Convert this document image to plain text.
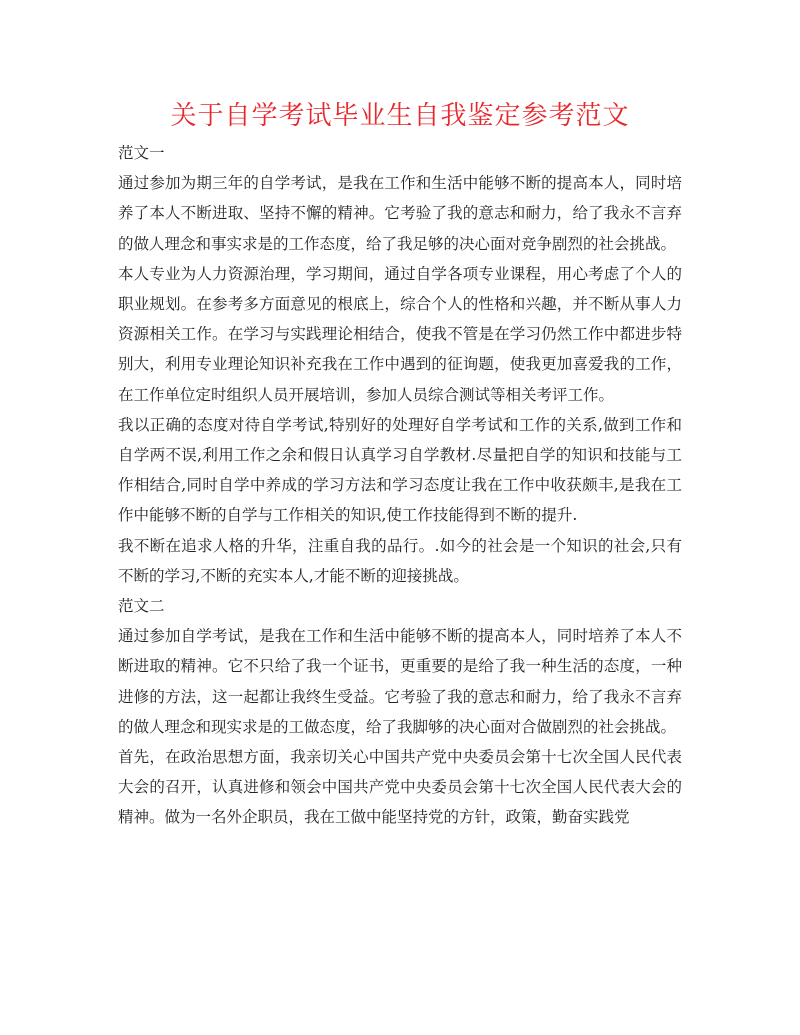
关于自学考试毕业生自我鉴定参考范文

范文一

通过参加为期三年的自学考试，是我在工作和生活中能够不断的提高本人，同时培养了本人不断进取、坚持不懈的精神。它考验了我的意志和耐力，给了我永不言弃的做人理念和事实求是的工作态度，给了我足够的决心面对竞争剧烈的社会挑战。

本人专业为人力资源治理，学习期间，通过自学各项专业课程，用心考虑了个人的职业规划。在参考多方面意见的根底上，综合个人的性格和兴趣，并不断从事人力资源相关工作。在学习与实践理论相结合，使我不管是在学习仍然工作中都进步特别大，利用专业理论知识补充我在工作中遇到的征询题，使我更加喜爱我的工作，在工作单位定时组织人员开展培训，参加人员综合测试等相关考评工作。

我以正确的态度对待自学考试,特别好的处理好自学考试和工作的关系,做到工作和自学两不误,利用工作之余和假日认真学习自学教材.尽量把自学的知识和技能与工作相结合,同时自学中养成的学习方法和学习态度让我在工作中收获颇丰,是我在工作中能够不断的自学与工作相关的知识,使工作技能得到不断的提升.

我不断在追求人格的升华，注重自我的品行。.如今的社会是一个知识的社会,只有不断的学习,不断的充实本人,才能不断的迎接挑战。

范文二

通过参加自学考试，是我在工作和生活中能够不断的提高本人，同时培养了本人不断进取的精神。它不只给了我一个证书，更重要的是给了我一种生活的态度，一种进修的方法，这一起都让我终生受益。它考验了我的意志和耐力，给了我永不言弃的做人理念和现实求是的工做态度，给了我脚够的决心面对合做剧烈的社会挑战。

首先，在政治思想方面，我亲切关心中国共产党中央委员会第十七次全国人民代表大会的召开，认真进修和领会中国共产党中央委员会第十七次全国人民代表大会的精神。做为一名外企职员，我在工做中能坚持党的方针，政策，勤奋实践党
